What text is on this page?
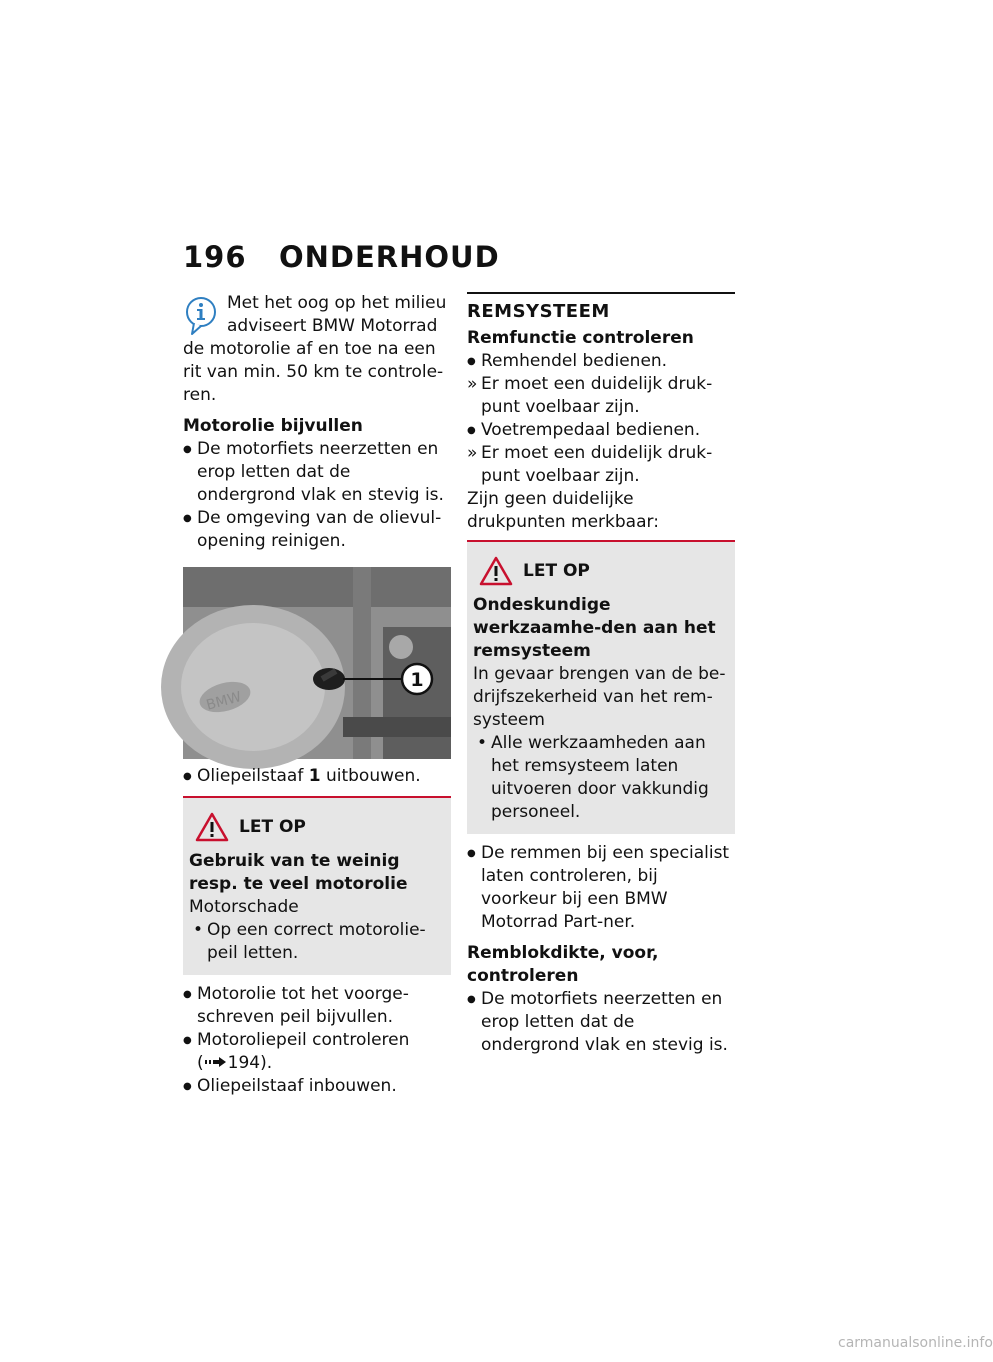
196	ONDERHOUD

Met het oog op het milieu

adviseert BMW Motorrad

de motorolie af en toe na een rit van min. 50 km te controle-ren.

Motorolie bijvullen

● De motorfiets neerzetten en erop letten dat de ondergrond vlak en stevig is.
● De omgeving van de olievul-opening reinigen.
BMW
1
● Oliepeilstaaf 1 uitbouwen.
LET OP

Gebruik van te weinig resp. te veel motorolie

Motorschade

• Op een correct motorolie-peil letten.
● Motorolie tot het voorge-schreven peil bijvullen.
● Motoroliepeil controleren
( 194).
● Oliepeilstaaf inbouwen.
REMSYSTEEM

Remfunctie controleren

● Remhendel bedienen.
» Er moet een duidelijk druk-punt voelbaar zijn.
● Voetrempedaal bedienen.
» Er moet een duidelijk druk-punt voelbaar zijn.

Zijn geen duidelijke drukpunten merkbaar:

LET OP

Ondeskundige werkzaamhe-den aan het remsysteem

In gevaar brengen van de be-drijfszekerheid van het rem-systeem

• Alle werkzaamheden aan het remsysteem laten uitvoeren door vakkundig personeel.
● De remmen bij een specialist laten controleren, bij voorkeur bij een BMW Motorrad Part-ner.

Remblokdikte, voor, controleren

● De motorfiets neerzetten en erop letten dat de ondergrond vlak en stevig is.
carmanualsonline.info
